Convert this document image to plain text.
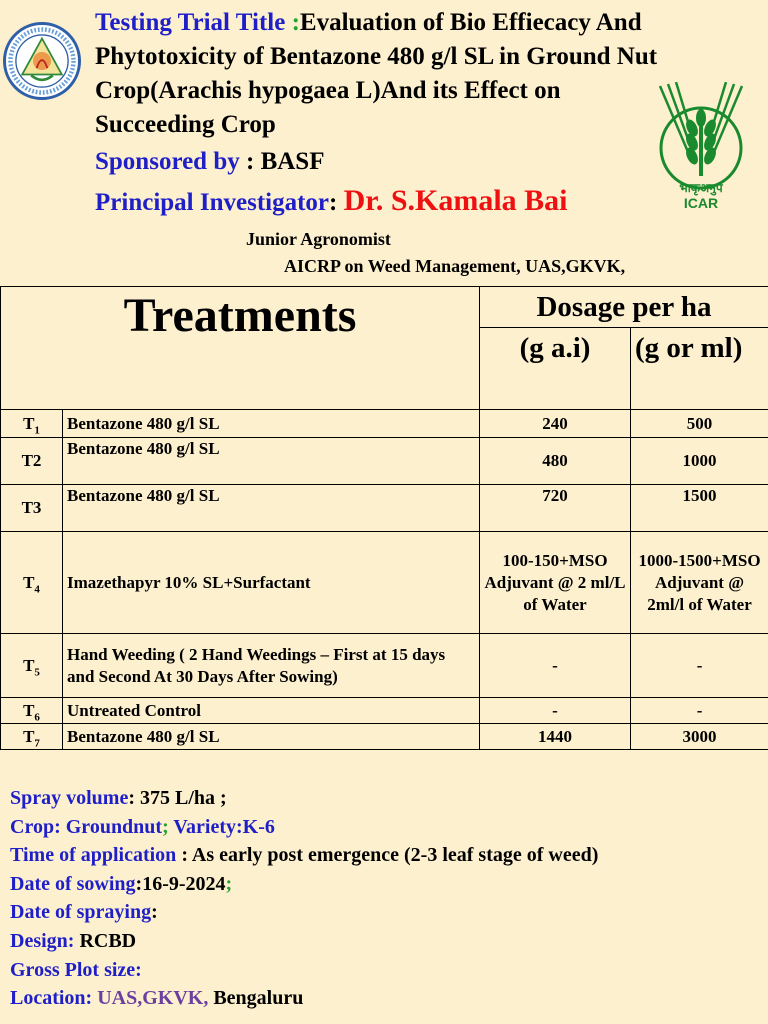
भाकृअनुप
ICAR
Testing Trial Title :Evaluation of Bio Effiecacy And
Phytotoxicity of Bentazone 480 g/l SL in Ground Nut
Crop(Arachis hypogaea L)And its Effect on
Succeeding Crop
Sponsored by : BASF
Principal Investigator: Dr. S.Kamala Bai
Junior Agronomist
AICRP on Weed Management, UAS,GKVK,
Treatments		Dosage per ha	
		(g a.i)	(g or ml)
$T_1$	Bentazone 480 g/l SL	240	500
T2	Bentazone 480 g/l SL	480	1000
T3	Bentazone 480 g/l SL	720	1500
$T_4$	Imazethapyr 10% SL+Surfactant	100-150+MSO Adjuvant @ 2 ml/L of Water	1000-1500+MSO Adjuvant @ 2ml/l of Water
$T_5$	Hand Weeding ( 2 Hand Weedings – First at 15 days and Second At 30 Days After Sowing)	-	-
$T_6$	Untreated Control	-	-
$T_7$	Bentazone 480 g/l SL	1440	3000
Spray volume: 375 L/ha ;
Crop: Groundnut; Variety:K-6
Time of application : As early post emergence (2-3 leaf stage of weed)
Date of sowing:16-9-2024;
Date of spraying:
Design: RCBD
Gross Plot size:
Location: UAS,GKVK, Bengaluru
